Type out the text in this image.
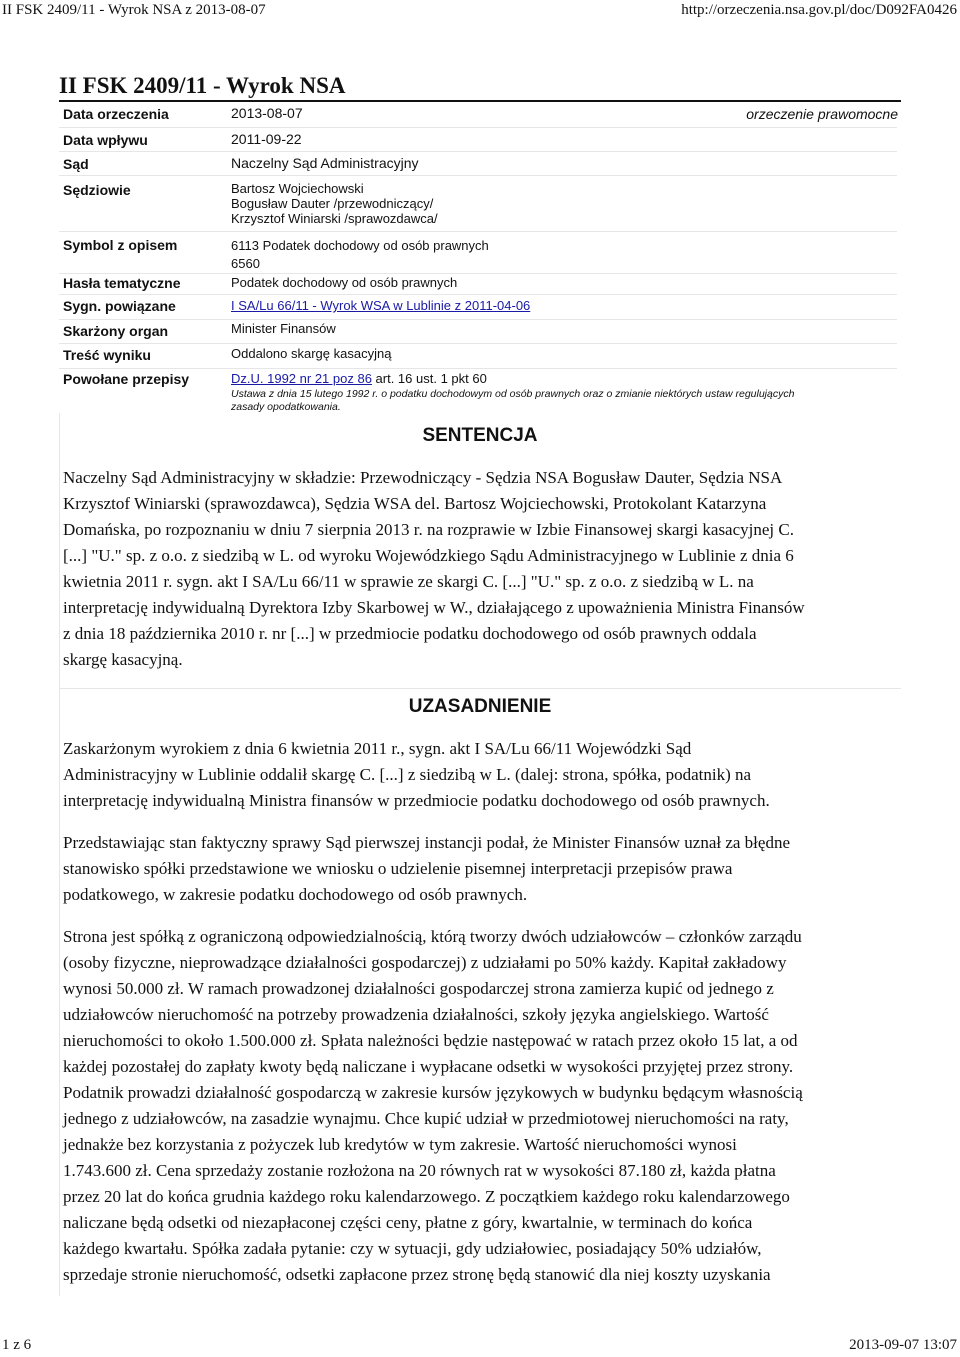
II FSK 2409/11 - Wyrok NSA z 2013-08-07	http://orzeczenia.nsa.gov.pl/doc/D092FA0426
II FSK 2409/11 - Wyrok NSA
Data orzeczenia	2013-08-07	orzeczenie prawomocne
Data wpływu	2011-09-22
Sąd	Naczelny Sąd Administracyjny
Sędziowie	Bartosz Wojciechowski
Bogusław Dauter /przewodniczący/
Krzysztof Winiarski /sprawozdawca/
Symbol z opisem	6113 Podatek dochodowy od osób prawnych
6560
Hasła tematyczne	Podatek dochodowy od osób prawnych
Sygn. powiązane	I SA/Lu 66/11 - Wyrok WSA w Lublinie z 2011-04-06
Skarżony organ	Minister Finansów
Treść wyniku	Oddalono skargę kasacyjną
Powołane przepisy	Dz.U. 1992 nr 21 poz 86 art. 16 ust. 1 pkt 60
Ustawa z dnia 15 lutego 1992 r. o podatku dochodowym od osób prawnych oraz o zmianie niektórych ustaw regulujących
zasady opodatkowania.
SENTENCJA

Naczelny Sąd Administracyjny w składzie: Przewodniczący - Sędzia NSA Bogusław Dauter, Sędzia NSA
Krzysztof Winiarski (sprawozdawca), Sędzia WSA del. Bartosz Wojciechowski, Protokolant Katarzyna
Domańska, po rozpoznaniu w dniu 7 sierpnia 2013 r. na rozprawie w Izbie Finansowej skargi kasacyjnej C.
[...] "U." sp. z o.o. z siedzibą w L. od wyroku Wojewódzkiego Sądu Administracyjnego w Lublinie z dnia 6
kwietnia 2011 r. sygn. akt I SA/Lu 66/11 w sprawie ze skargi C. [...] "U." sp. z o.o. z siedzibą w L. na
interpretację indywidualną Dyrektora Izby Skarbowej w W., działającego z upoważnienia Ministra Finansów
z dnia 18 października 2010 r. nr [...] w przedmiocie podatku dochodowego od osób prawnych oddala
skargę kasacyjną.

UZASADNIENIE

Zaskarżonym wyrokiem z dnia 6 kwietnia 2011 r., sygn. akt I SA/Lu 66/11 Wojewódzki Sąd
Administracyjny w Lublinie oddalił skargę C. [...] z siedzibą w L. (dalej: strona, spółka, podatnik) na
interpretację indywidualną Ministra finansów w przedmiocie podatku dochodowego od osób prawnych.

Przedstawiając stan faktyczny sprawy Sąd pierwszej instancji podał, że Minister Finansów uznał za błędne
stanowisko spółki przedstawione we wniosku o udzielenie pisemnej interpretacji przepisów prawa
podatkowego, w zakresie podatku dochodowego od osób prawnych.

Strona jest spółką z ograniczoną odpowiedzialnością, którą tworzy dwóch udziałowców – członków zarządu
(osoby fizyczne, nieprowadzące działalności gospodarczej) z udziałami po 50% każdy. Kapitał zakładowy
wynosi 50.000 zł. W ramach prowadzonej działalności gospodarczej strona zamierza kupić od jednego z
udziałowców nieruchomość na potrzeby prowadzenia działalności, szkoły języka angielskiego. Wartość
nieruchomości to około 1.500.000 zł. Spłata należności będzie następować w ratach przez około 15 lat, a od
każdej pozostałej do zapłaty kwoty będą naliczane i wypłacane odsetki w wysokości przyjętej przez strony.
Podatnik prowadzi działalność gospodarczą w zakresie kursów językowych w budynku będącym własnością
jednego z udziałowców, na zasadzie wynajmu. Chce kupić udział w przedmiotowej nieruchomości na raty,
jednakże bez korzystania z pożyczek lub kredytów w tym zakresie. Wartość nieruchomości wynosi
1.743.600 zł. Cena sprzedaży zostanie rozłożona na 20 równych rat w wysokości 87.180 zł, każda płatna
przez 20 lat do końca grudnia każdego roku kalendarzowego. Z początkiem każdego roku kalendarzowego
naliczane będą odsetki od niezapłaconej części ceny, płatne z góry, kwartalnie, w terminach do końca
każdego kwartału. Spółka zadała pytanie: czy w sytuacji, gdy udziałowiec, posiadający 50% udziałów,
sprzedaje stronie nieruchomość, odsetki zapłacone przez stronę będą stanowić dla niej koszty uzyskania

1 z 6	2013-09-07 13:07
